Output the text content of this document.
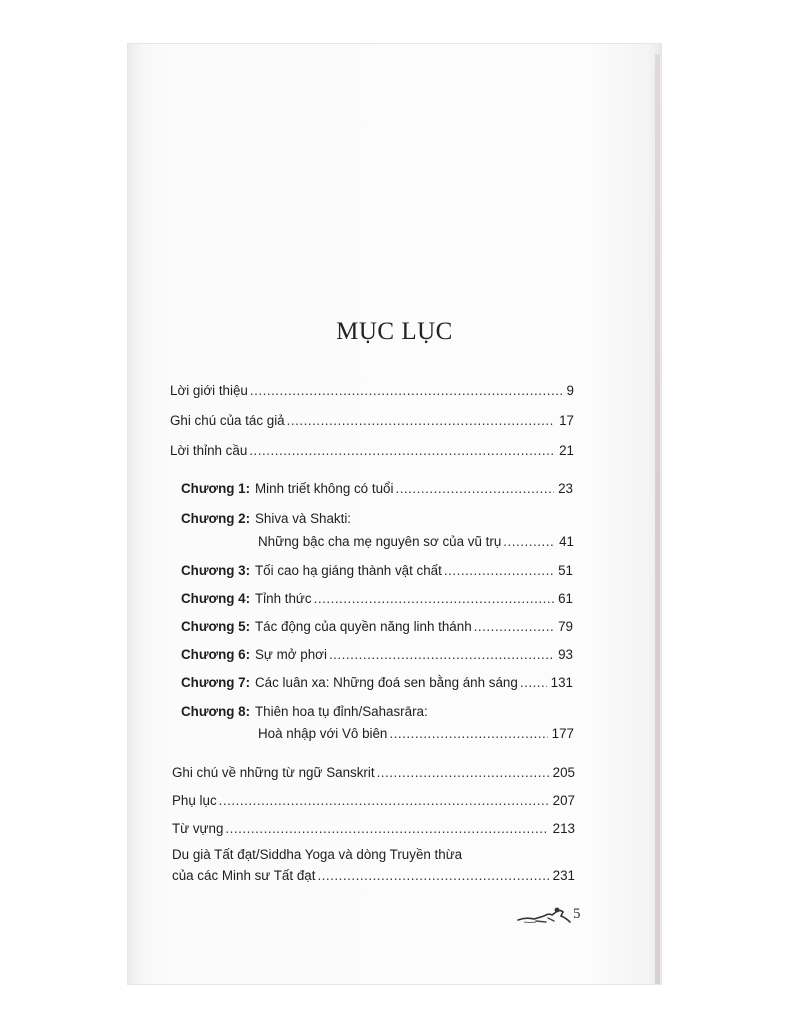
MỤC LỤC
Lời giới thiệu . . .	9
Ghi chú của tác giả . . .	17
Lời thỉnh cầu . . .	21
Chương 1: Minh triết không có tuổi . . .	23
Chương 2: Shiva và Shakti:
Những bậc cha mẹ nguyên sơ của vũ trụ . . .	41
Chương 3: Tối cao hạ giáng thành vật chất . . .	51
Chương 4: Tỉnh thức . . .	61
Chương 5: Tác động của quyền năng linh thánh . . .	79
Chương 6: Sự mở phơi . . .	93
Chương 7: Các luân xa: Những đoá sen bằng ánh sáng . . . 131
Chương 8: Thiên hoa tụ đỉnh/Sahasrāra:
Hoà nhập với Vô biên . . .	177
Ghi chú về những từ ngữ Sanskrit . . .	205
Phụ lục . . .	207
Từ vựng . . .	213
Du già Tất đạt/Siddha Yoga và dòng Truyền thừa
của các Minh sư Tất đạt . . .	231
5
